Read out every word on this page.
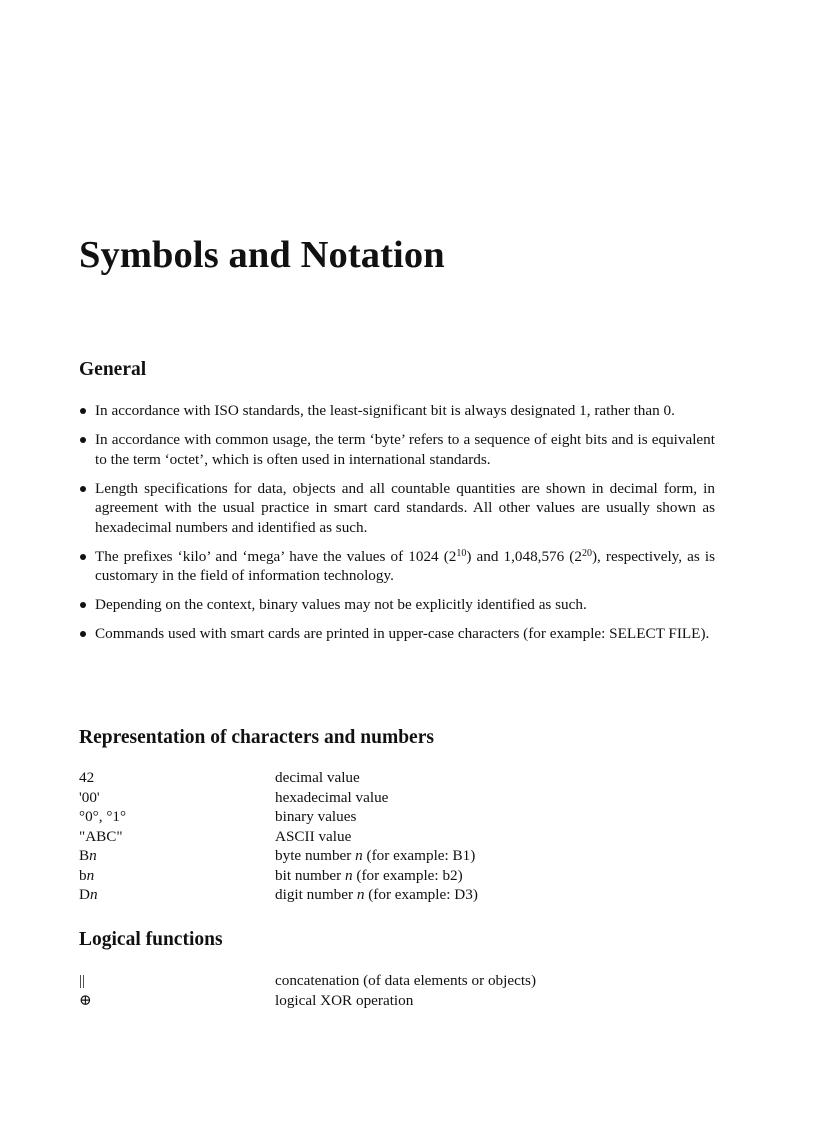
Symbols and Notation
General
In accordance with ISO standards, the least-significant bit is always designated 1, rather than 0.
In accordance with common usage, the term ‘byte’ refers to a sequence of eight bits and is equivalent to the term ‘octet’, which is often used in international standards.
Length specifications for data, objects and all countable quantities are shown in decimal form, in agreement with the usual practice in smart card standards. All other values are usually shown as hexadecimal numbers and identified as such.
The prefixes ‘kilo’ and ‘mega’ have the values of 1024 $(2^{10})$ and 1,048,576 $(2^{20})$, respectively, as is customary in the field of information technology.
Depending on the context, binary values may not be explicitly identified as such.
Commands used with smart cards are printed in upper-case characters (for example: SELECT FILE).
Representation of characters and numbers
42	decimal value
'00'	hexadecimal value
°0°, °1°	binary values
"ABC"	ASCII value
Bn	byte number n (for example: B1)
bn	bit number n (for example: b2)
Dn	digit number n (for example: D3)
Logical functions
||	concatenation (of data elements or objects)
⊕	logical XOR operation
